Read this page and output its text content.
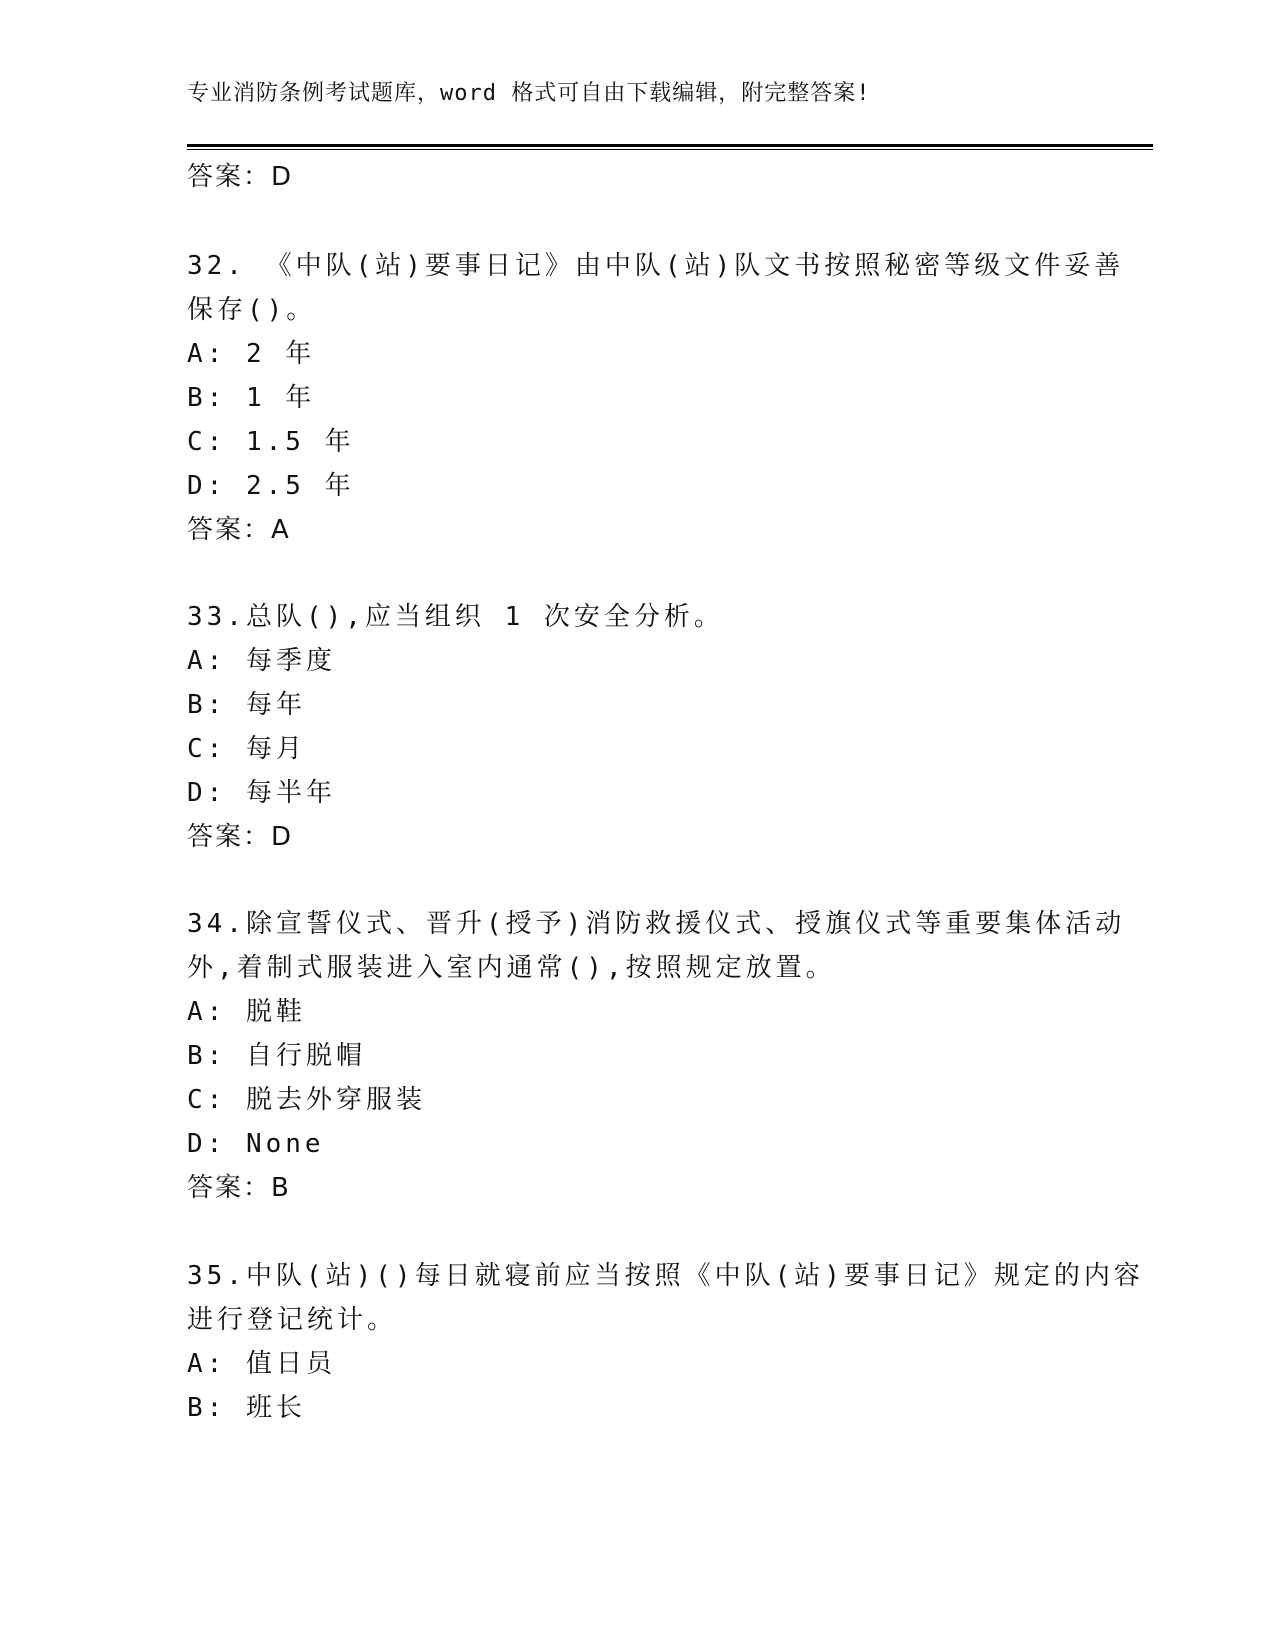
专业消防条例考试题库，word 格式可自由下载编辑，附完整答案!
答案：D
32. 《中队(站)要事日记》由中队(站)队文书按照秘密等级文件妥善
保存()。
A: 2 年
B: 1 年
C: 1.5 年
D: 2.5 年
答案：A
33.总队(),应当组织 1 次安全分析。
A: 每季度
B: 每年
C: 每月
D: 每半年
答案：D
34.除宣誓仪式、晋升(授予)消防救援仪式、授旗仪式等重要集体活动
外,着制式服装进入室内通常(),按照规定放置。
A: 脱鞋
B: 自行脱帽
C: 脱去外穿服装
D: None
答案：B
35.中队(站)()每日就寝前应当按照《中队(站)要事日记》规定的内容
进行登记统计。
A: 值日员
B: 班长
